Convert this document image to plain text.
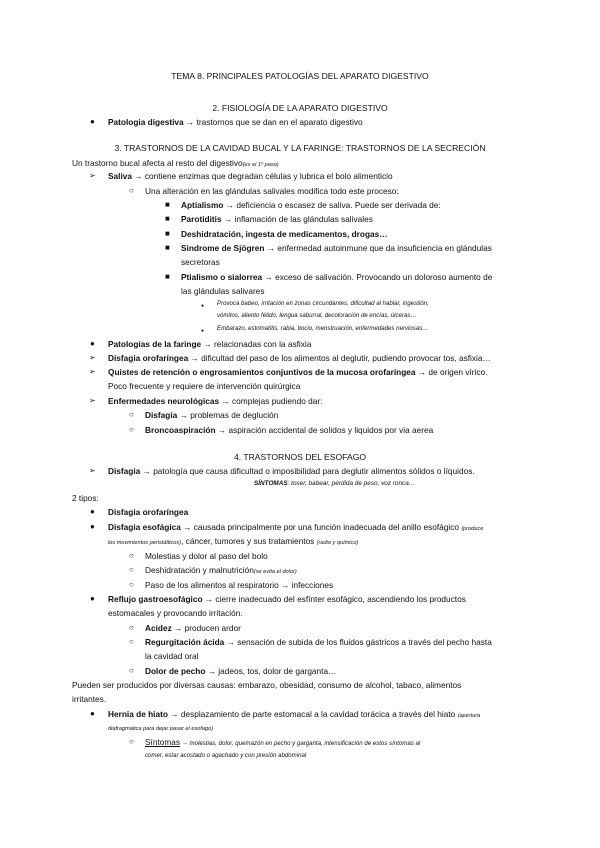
TEMA 8. PRINCIPALES PATOLOGÍAS DEL APARATO DIGESTIVO
2. FISIOLOGÍA DE LA APARATO DIGESTIVO
● Patologia digestiva → trastornos que se dan en el aparato digestivo
3. TRASTORNOS DE LA CAVIDAD BUCAL Y LA FARINGE: TRASTORNOS DE LA SECRECIÓN
Un trastorno bucal afecta al resto del digestivo(es el 1º paso)
➢ Saliva → contiene enzimas que degradan células y lubrica el bolo alimenticio
○ Una alteración en las glándulas salivales modifica todo este proceso:
■ Aptialismo → deficiencia o escasez de saliva. Puede ser derivada de:
■ Parotiditis → inflamación de las glándulas salivales
■ Deshidratación, ingesta de medicamentos, drogas…
■ Sindrome de Sjögren → enfermedad autoinmune que da insuficiencia en glándulas
secretoras
■ Ptialismo o sialorrea → exceso de salivación. Provocando un doloroso aumento de
las glándulas salivares
● Provoca babeo, irritación en zonas circundantes, dificultad al hablar, ingestión,
vómitos, aliento fétido, lengua saburral, decoloración de encías, úlceras…
● Embarazo, estomatitis, rabia, bocio, menstruación, enfermedades nerviosas…
● Patologías de la faringe → relacionadas con la asfixia
➢ Disfagia orofaríngea → dificultad del paso de los alimentos al deglutir, pudiendo provocar tos, asfixia…
➢ Quistes de retención o engrosamientos conjuntivos de la mucosa orofaríngea → de origen vírico.
Poco frecuente y requiere de intervención quirúrgica
➢ Enfermedades neurológicas → complejas pudiendo dar:
○ Disfagia → problemas de deglución
○ Broncoaspiración → aspiración accidental de solidos y liquidos por via aerea
4. TRASTORNOS DEL ESOFAGO
➢ Disfagia → patología que causa dificultad o imposibilidad para deglutir alimentos sólidos o líquidos.
SÍNTOMAS: toser, babear, pérdida de peso, voz ronca…
2 tipos:
● Disfagia orofaríngea
● Disfagia esofágica → causada principalmente por una función inadecuada del anillo esofágico (produce
los movimientos peristálticos), cáncer, tumores y sus tratamientos (radio y químico)
○ Molestias y dolor al paso del bolo
○ Deshidratación y malnutrición(se evita el dolor)
○ Paso de los alimentos al respiratorio → infecciones
● Reflujo gastroesofágico → cierre inadecuado del esfínter esofágico, ascendiendo los productos
estomacales y provocando irritación.
○ Acidez → producen ardor
○ Regurgitación ácida → sensación de subida de los fluidos gástricos a través del pecho hasta
la cavidad oral
○ Dolor de pecho → jadeos, tos, dolor de garganta…
Pueden ser producidos por diversas causas: embarazo, obesidad, consumo de alcohol, tabaco, alimentos
irritantes.
● Hernia de hiato → desplazamiento de parte estomacal a la cavidad torácica a través del hiato (apertura
diafragmatica para dejar pasar el esofago)
○ Síntomas → molestias, dolor, quemazón en pecho y garganta, intensificación de estos síntomas al
comer, estar acostado o agachado y con presión abdominal
